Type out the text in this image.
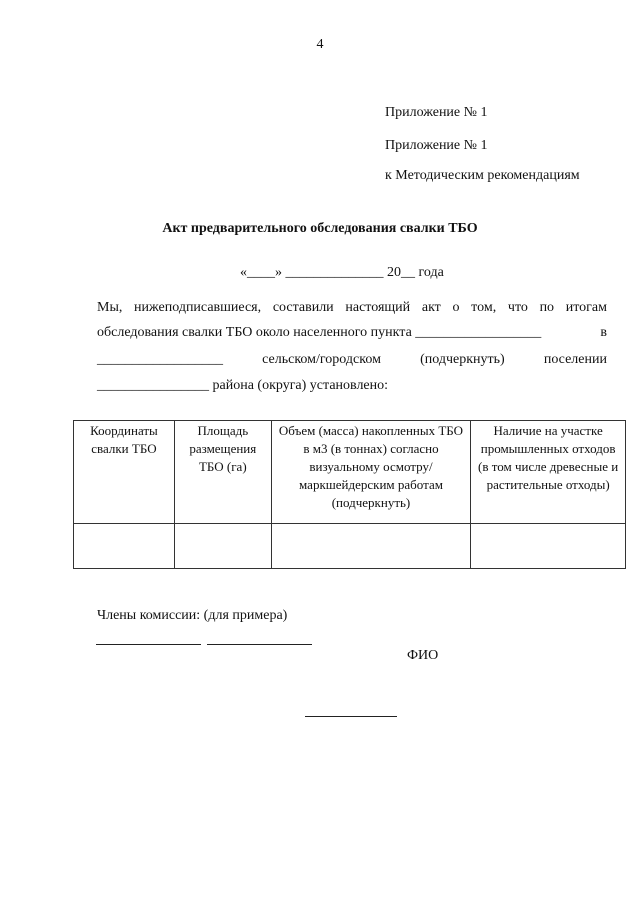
4
Приложение № 1
Приложение № 1
к Методическим рекомендациям
Акт предварительного обследования свалки ТБО
«____» ______________ 20__ года
Мы, нижеподписавшиеся, составили настоящий акт о том, что по итогам
обследования свалки ТБО около населенного пункта __________________	в
__________________	сельском/городском	(подчеркнуть)	поселении
________________ района (округа) установлено:
Координаты свалки ТБО	Площадь размещения ТБО (га)	Объем (масса) накопленных ТБО в м3 (в тоннах) согласно визуальному осмотру/маркшейдерским работам (подчеркнуть)	Наличие на участке промышленных отходов (в том числе древесные и растительные отходы)

Члены комиссии: (для примера)
ФИО
